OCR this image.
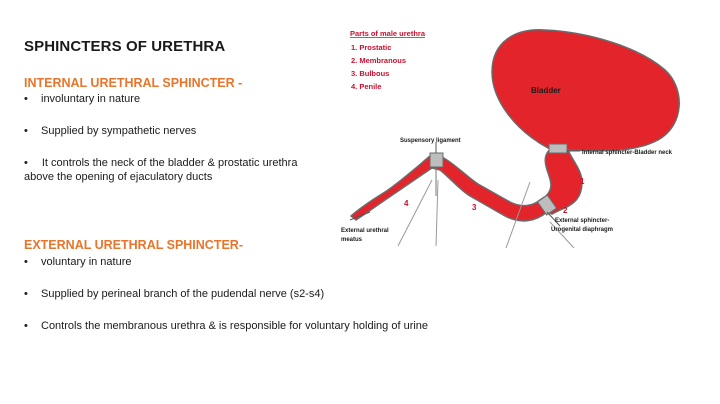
SPHINCTERS OF URETHRA
INTERNAL URETHRAL SPHINCTER -
• involuntary in nature
• Supplied by sympathetic nerves
• It controls the neck of the bladder & prostatic urethra above the opening of ejaculatory ducts
EXTERNAL URETHRAL SPHINCTER-
• voluntary in nature
• Supplied by perineal branch of the pudendal nerve (s2-s4)
• Controls the membranous urethra & is responsible for voluntary holding of urine
Parts of male urethra
1. Prostatic
2. Membranous
3. Bulbous
4. Penile	Bladder
Suspensory ligament
Internal sphincter-Bladder neck
External sphincter-
Urogenital diaphragm
External urethral
meatus
1
2
3
4
